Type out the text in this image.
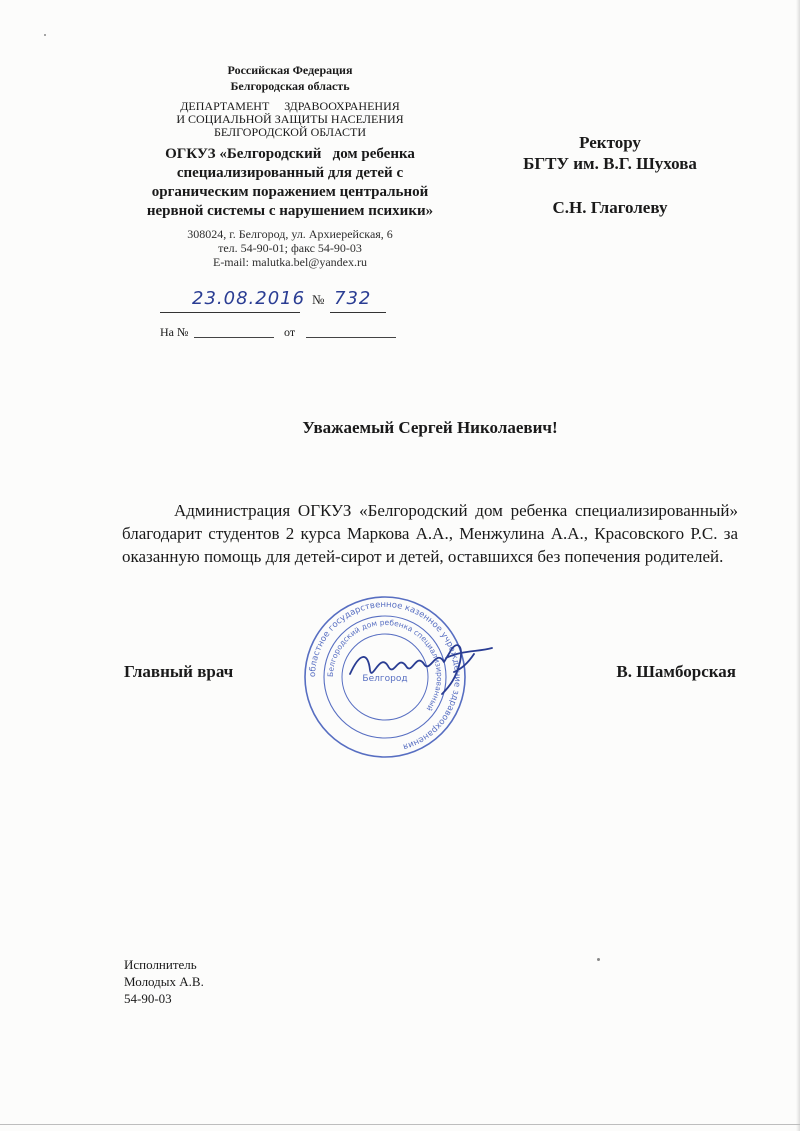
Российская Федерация
Белгородская область
ДЕПАРТАМЕНТ     ЗДРАВООХРАНЕНИЯ
И СОЦИАЛЬНОЙ ЗАЩИТЫ НАСЕЛЕНИЯ
БЕЛГОРОДСКОЙ ОБЛАСТИ
ОГКУЗ «Белгородский   дом ребенка
специализированный для детей с
органическим поражением центральной
нервной системы с нарушением психики»
308024, г. Белгород, ул. Архиерейская, 6
тел. 54-90-01; факс 54-90-03
E-mail: malutka.bel@yandex.ru
23.08.2016 № 732
На №	от
Ректору
БГТУ им. В.Г. Шухова
С.Н. Глаголеву
Уважаемый Сергей Николаевич!

Администрация ОГКУЗ «Белгородский дом ребенка специализированный» благодарит студентов 2 курса Маркова А.А., Менжулина А.А., Красовского Р.С. за оказанную помощь для детей-сирот и детей, оставшихся без попечения родителей.

областное государственное казенное учреждение здравоохранения
Белгородский дом ребенка специализированный
Белгород
Главный врач	В. Шамборская
Исполнитель
Молодых А.В.
54-90-03
